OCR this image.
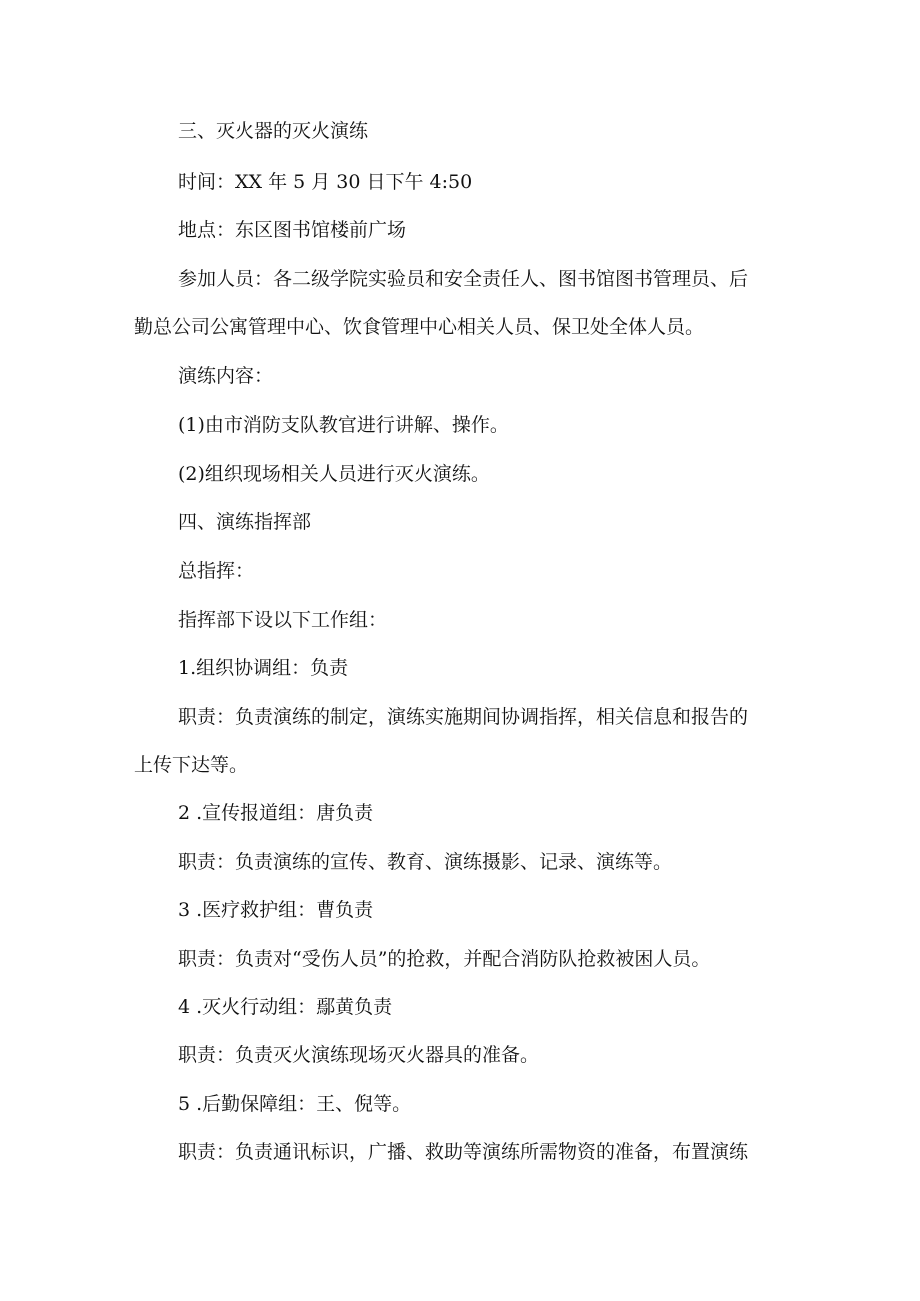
三、灭火器的灭火演练

时间：XX 年 5 月 30 日下午 4:50

地点：东区图书馆楼前广场

参加人员：各二级学院实验员和安全责任人、图书馆图书管理员、后

勤总公司公寓管理中心、饮食管理中心相关人员、保卫处全体人员。

演练内容：

(1)由市消防支队教官进行讲解、操作。

(2)组织现场相关人员进行灭火演练。

四、演练指挥部

总指挥：

指挥部下设以下工作组：

1.组织协调组：负责

职责：负责演练的制定，演练实施期间协调指挥，相关信息和报告的

上传下达等。

2 .宣传报道组：唐负责

职责：负责演练的宣传、教育、演练摄影、记录、演练等。

3 .医疗救护组：曹负责

职责：负责对“受伤人员”的抢救，并配合消防队抢救被困人员。

4 .灭火行动组：鄢黄负责

职责：负责灭火演练现场灭火器具的准备。

5 .后勤保障组：王、倪等。

职责：负责通讯标识，广播、救助等演练所需物资的准备，布置演练
